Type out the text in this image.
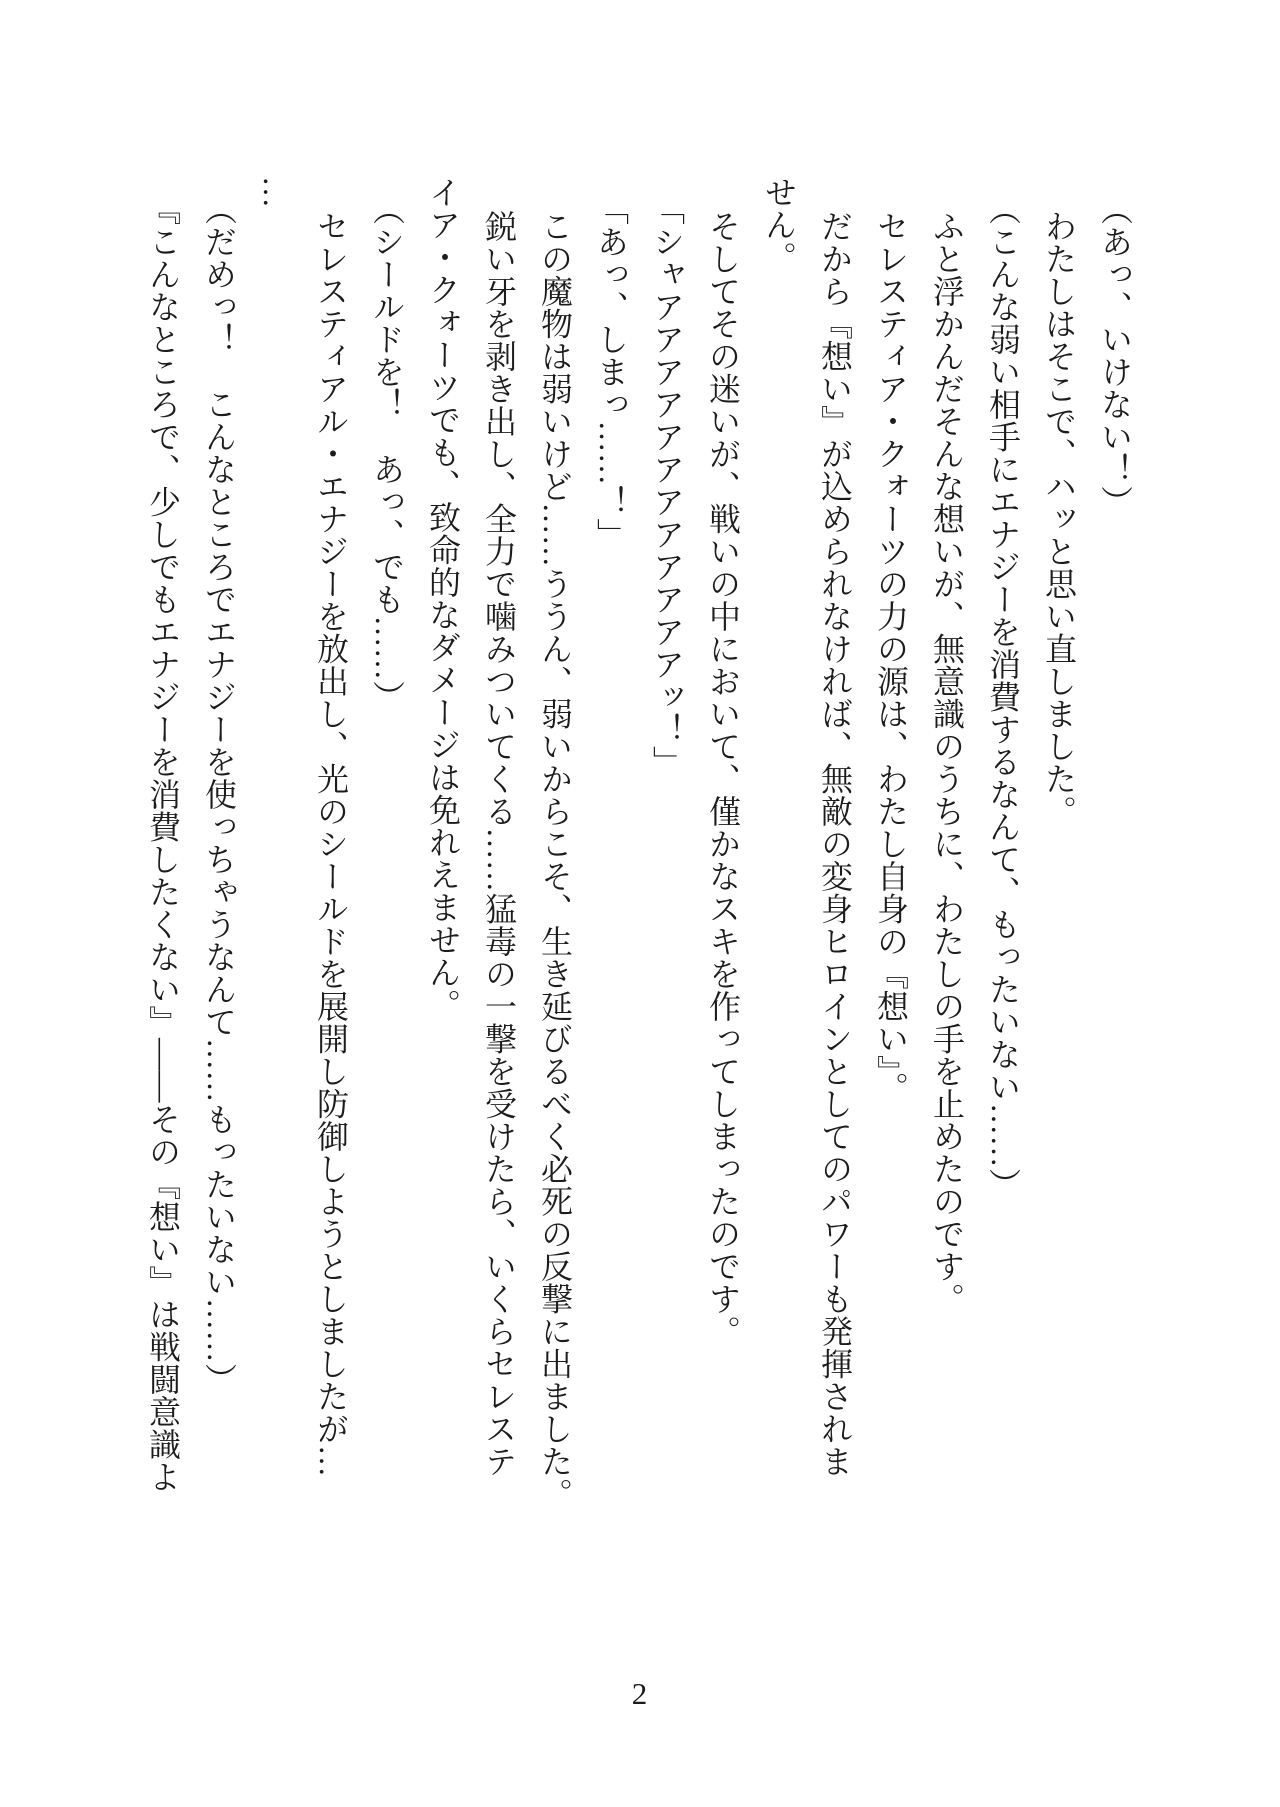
（あっ、いけない！）

わたしはそこで、ハッと思い直しました。

（こんな弱い相手にエナジーを消費するなんて、もったいない……）

ふと浮かんだそんな想いが、無意識のうちに、わたしの手を止めたのです。

セレスティア・クォーツの力の源は、わたし自身の『想い』。

だから『想い』が込められなければ、無敵の変身ヒロインとしてのパワーも発揮されま

せん。

そしてその迷いが、戦いの中において、僅かなスキを作ってしまったのです。

「シャアアアアアアアアアアアアッ！」

「あっ、しまっ……！」

この魔物は弱いけど……ううん、弱いからこそ、生き延びるべく必死の反撃に出ました。

鋭い牙を剥き出し、全力で噛みついてくる……猛毒の一撃を受けたら、いくらセレステ

イア・クォーツでも、致命的なダメージは免れえません。

（シールドを！　あっ、でも……）

セレスティアル・エナジーを放出し、光のシールドを展開し防御しようとしましたが…

…

（だめっ！　こんなところでエナジーを使っちゃうなんて……もったいない……）

『こんなところで、少しでもエナジーを消費したくない』――その『想い』は戦闘意識よ

2
